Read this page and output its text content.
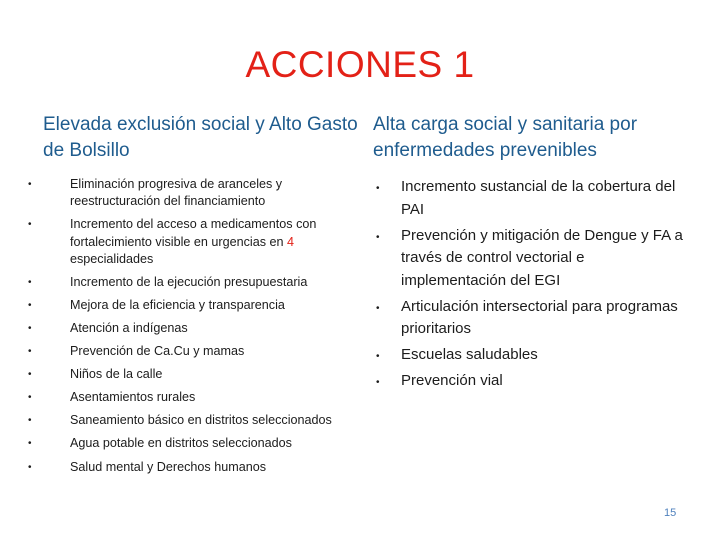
ACCIONES 1
Elevada exclusión social y Alto Gasto de Bolsillo
•	Eliminación progresiva de aranceles y reestructuración del financiamiento
•	Incremento del acceso a medicamentos con fortalecimiento visible en urgencias en 4 especialidades
•	Incremento de la ejecución presupuestaria
•	Mejora de la eficiencia y transparencia
•	Atención a indígenas
•	Prevención de Ca.Cu y mamas
•	Niños de la calle
•	Asentamientos rurales
•	Saneamiento básico en distritos seleccionados
•	Agua potable en distritos seleccionados
•	Salud mental y Derechos humanos
Alta carga social y sanitaria por enfermedades prevenibles
• Incremento sustancial de la cobertura del PAI
• Prevención y mitigación de Dengue y FA a través de control vectorial e implementación del EGI
• Articulación intersectorial para programas prioritarios
• Escuelas saludables
• Prevención vial
15
